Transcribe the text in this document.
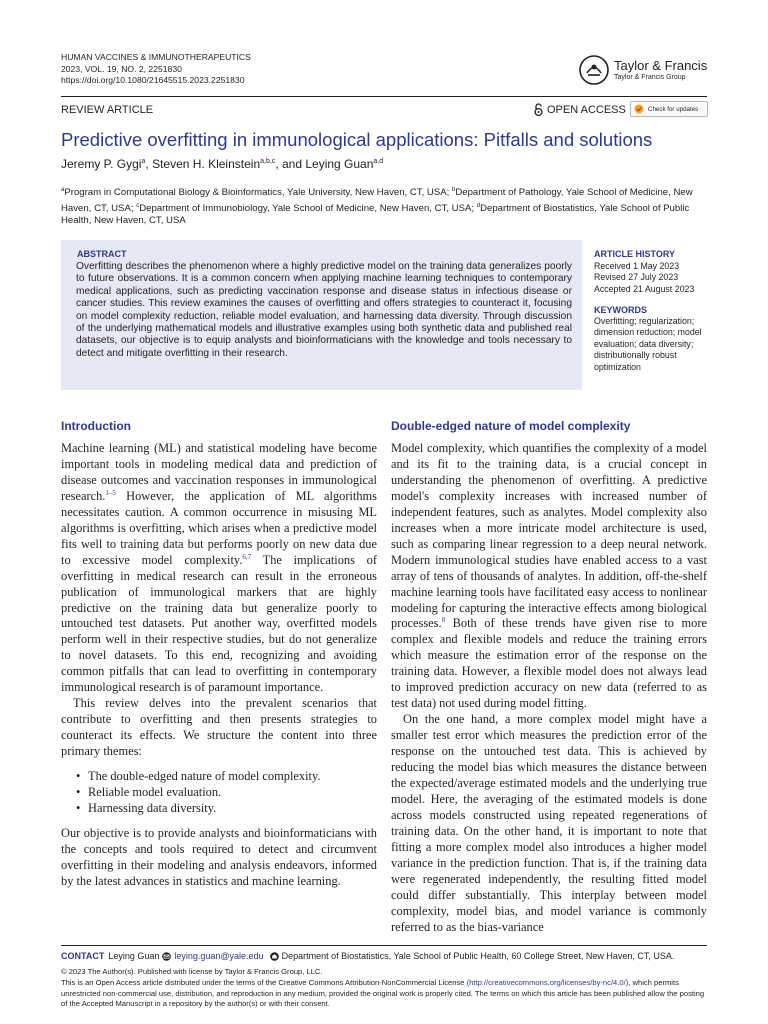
HUMAN VACCINES & IMMUNOTHERAPEUTICS
2023, VOL. 19, NO. 2, 2251830
https://doi.org/10.1080/21645515.2023.2251830
Taylor & Francis
Taylor & Francis Group
REVIEW ARTICLE	OPEN ACCESS	Check for updates
Predictive overfitting in immunological applications: Pitfalls and solutions
Jeremy P. Gygi$^a$, Steven H. Kleinstein$^{a,b,c}$, and Leying Guan$^{a,d}$
$^a$Program in Computational Biology & Bioinformatics, Yale University, New Haven, CT, USA; $^b$Department of Pathology, Yale School of Medicine, New Haven, CT, USA; $^c$Department of Immunobiology, Yale School of Medicine, New Haven, CT, USA; $^d$Department of Biostatistics, Yale School of Public Health, New Haven, CT, USA
ABSTRACT
Overfitting describes the phenomenon where a highly predictive model on the training data generalizes poorly to future observations. It is a common concern when applying machine learning techniques to contemporary medical applications, such as predicting vaccination response and disease status in infectious disease or cancer studies. This review examines the causes of overfitting and offers strategies to counteract it, focusing on model complexity reduction, reliable model evaluation, and harnessing data diversity. Through discussion of the underlying mathematical models and illustrative examples using both synthetic data and published real datasets, our objective is to equip analysts and bioinformaticians with the knowledge and tools necessary to detect and mitigate overfitting in their research.
ARTICLE HISTORY
Received 1 May 2023
Revised 27 July 2023
Accepted 21 August 2023
KEYWORDS
Overfitting; regularization; dimension reduction; model evaluation; data diversity; distributionally robust optimization
Introduction

Machine learning (ML) and statistical modeling have become important tools in modeling medical data and prediction of disease outcomes and vaccination responses in immunological research.$^{1-5}$ However, the application of ML algorithms necessitates caution. A common occurrence in misusing ML algorithms is overfitting, which arises when a predictive model fits well to training data but performs poorly on new data due to excessive model complexity.$^{6,7}$ The implications of overfitting in medical research can result in the erroneous publication of immunological markers that are highly predictive on the training data but generalize poorly to untouched test datasets. Put another way, overfitted models perform well in their respective studies, but do not generalize to novel datasets. To this end, recognizing and avoiding common pitfalls that can lead to overfitting in contemporary immunological research is of paramount importance.

This review delves into the prevalent scenarios that contribute to overfitting and then presents strategies to counteract its effects. We structure the content into three primary themes:

• The double-edged nature of model complexity.
• Reliable model evaluation.
• Harnessing data diversity.

Our objective is to provide analysts and bioinformaticians with the concepts and tools required to detect and circumvent overfitting in their modeling and analysis endeavors, informed by the latest advances in statistics and machine learning.

Double-edged nature of model complexity

Model complexity, which quantifies the complexity of a model and its fit to the training data, is a crucial concept in understanding the phenomenon of overfitting. A predictive model's complexity increases with increased number of independent features, such as analytes. Model complexity also increases when a more intricate model architecture is used, such as comparing linear regression to a deep neural network. Modern immunological studies have enabled access to a vast array of tens of thousands of analytes. In addition, off-the-shelf machine learning tools have facilitated easy access to nonlinear modeling for capturing the interactive effects among biological processes.$^8$ Both of these trends have given rise to more complex and flexible models and reduce the training errors which measure the estimation error of the response on the training data. However, a flexible model does not always lead to improved prediction accuracy on new data (referred to as test data) not used during model fitting.

On the one hand, a more complex model might have a smaller test error which measures the prediction error of the response on the untouched test data. This is achieved by reducing the model bias which measures the distance between the expected/average estimated models and the underlying true model. Here, the averaging of the estimated models is done across models constructed using repeated regenerations of training data. On the other hand, it is important to note that fitting a more complex model also introduces a higher model variance in the prediction function. That is, if the training data were regenerated independently, the resulting fitted model could differ substantially. This interplay between model complexity, model bias, and model variance is commonly referred to as the bias-variance

CONTACT Leying Guan leying.guan@yale.edu Department of Biostatistics, Yale School of Public Health, 60 College Street, New Haven, CT, USA.
© 2023 The Author(s). Published with license by Taylor & Francis Group, LLC.
This is an Open Access article distributed under the terms of the Creative Commons Attribution-NonCommercial License (http://creativecommons.org/licenses/by-nc/4.0/), which permits unrestricted non-commercial use, distribution, and reproduction in any medium, provided the original work is properly cited. The terms on which this article has been published allow the posting of the Accepted Manuscript in a repository by the author(s) or with their consent.
